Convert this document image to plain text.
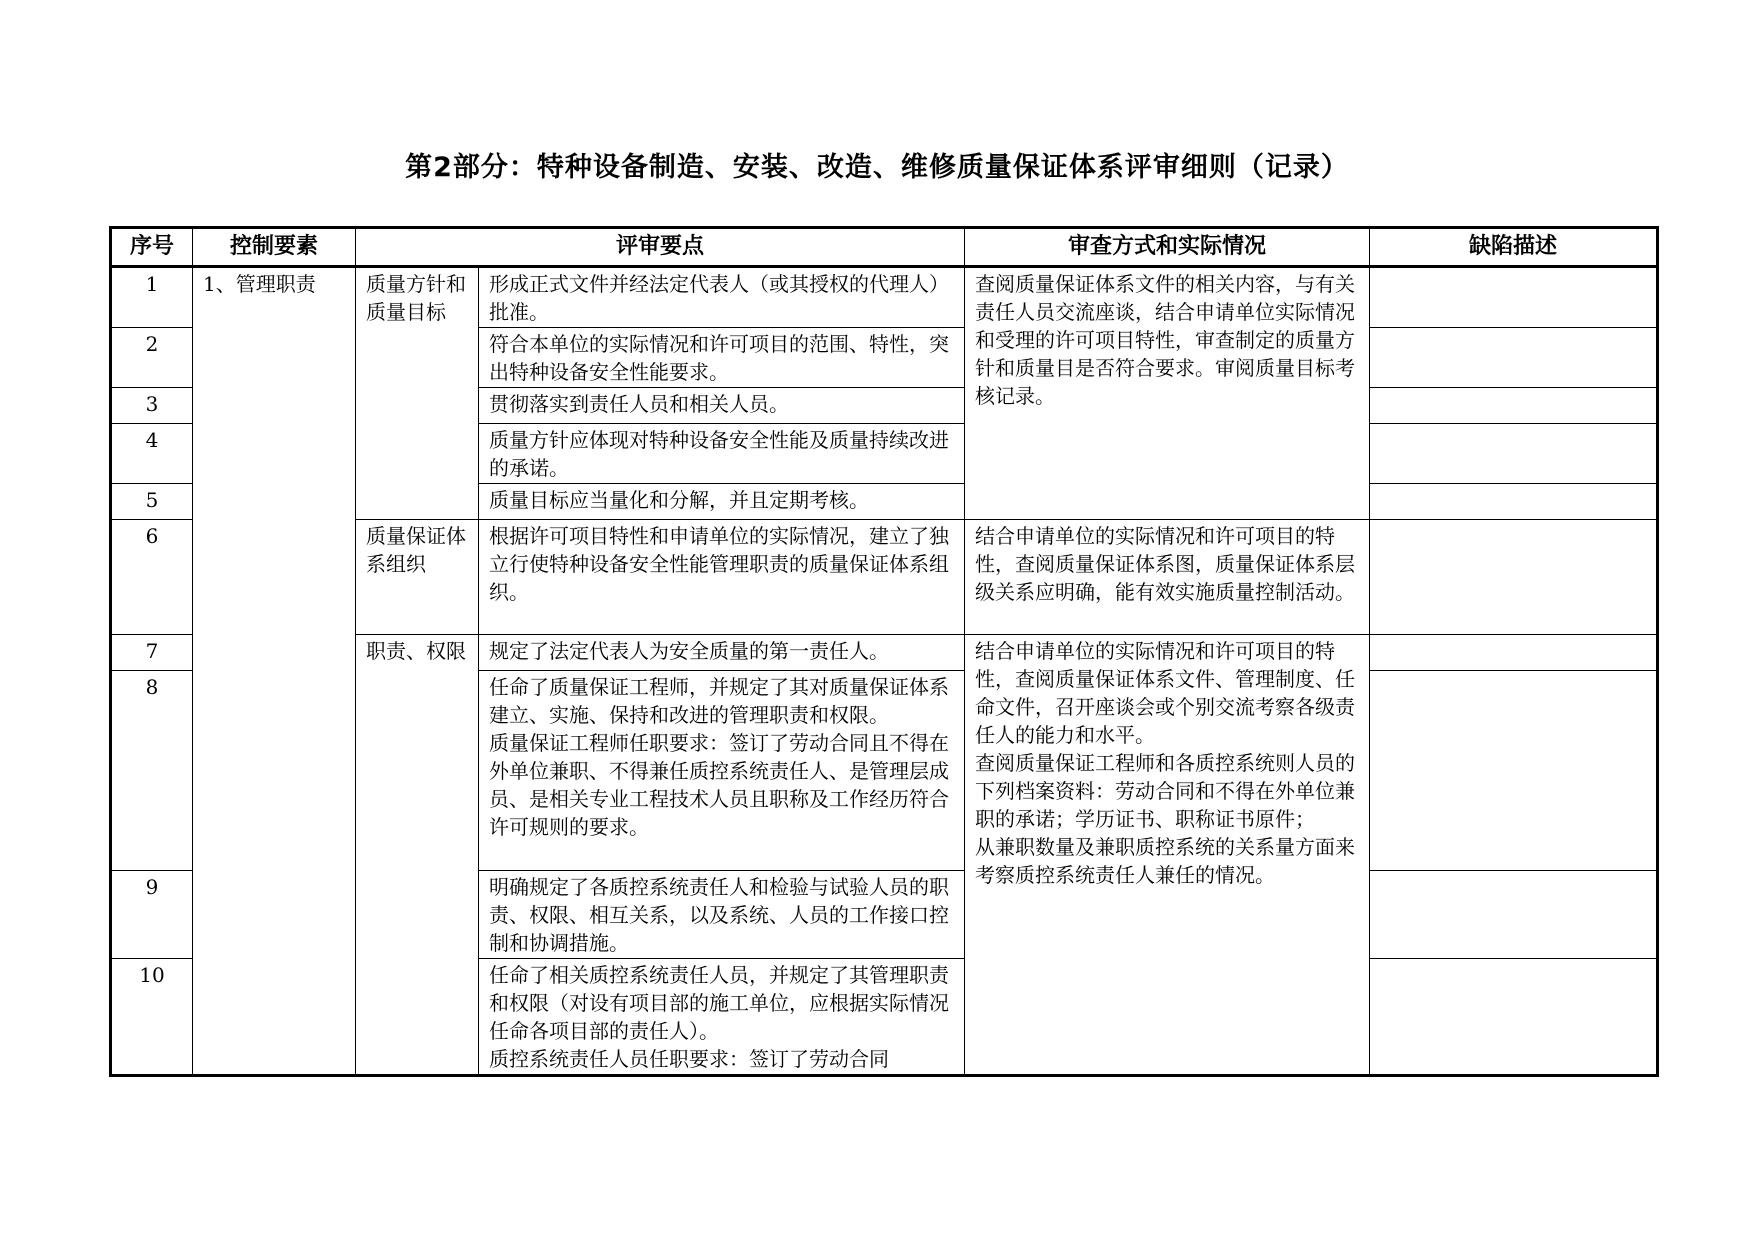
第2部分：特种设备制造、安装、改造、维修质量保证体系评审细则（记录）
序号	控制要素	评审要点		审查方式和实际情况	缺陷描述
1	1、管理职责	质量方针和质量目标	形成正式文件并经法定代表人（或其授权的代理人）批准。	查阅质量保证体系文件的相关内容，与有关责任人员交流座谈，结合申请单位实际情况和受理的许可项目特性，审查制定的质量方针和质量目是否符合要求。审阅质量目标考核记录。	
2			符合本单位的实际情况和许可项目的范围、特性，突出特种设备安全性能要求。		
3			贯彻落实到责任人员和相关人员。		
4			质量方针应体现对特种设备安全性能及质量持续改进的承诺。		
5			质量目标应当量化和分解，并且定期考核。		
6		质量保证体系组织	根据许可项目特性和申请单位的实际情况，建立了独立行使特种设备安全性能管理职责的质量保证体系组织。	结合申请单位的实际情况和许可项目的特性，查阅质量保证体系图，质量保证体系层级关系应明确，能有效实施质量控制活动。	
7		职责、权限	规定了法定代表人为安全质量的第一责任人。	结合申请单位的实际情况和许可项目的特性，查阅质量保证体系文件、管理制度、任命文件，召开座谈会或个别交流考察各级责任人的能力和水平。
查阅质量保证工程师和各质控系统则人员的下列档案资料：劳动合同和不得在外单位兼职的承诺；学历证书、职称证书原件；
从兼职数量及兼职质控系统的关系量方面来考察质控系统责任人兼任的情况。	
8			任命了质量保证工程师，并规定了其对质量保证体系建立、实施、保持和改进的管理职责和权限。
质量保证工程师任职要求：签订了劳动合同且不得在外单位兼职、不得兼任质控系统责任人、是管理层成员、是相关专业工程技术人员且职称及工作经历符合许可规则的要求。		
9			明确规定了各质控系统责任人和检验与试验人员的职责、权限、相互关系，以及系统、人员的工作接口控制和协调措施。		
10			任命了相关质控系统责任人员，并规定了其管理职责和权限（对设有项目部的施工单位，应根据实际情况任命各项目部的责任人）。
质控系统责任人员任职要求：签订了劳动合同		
